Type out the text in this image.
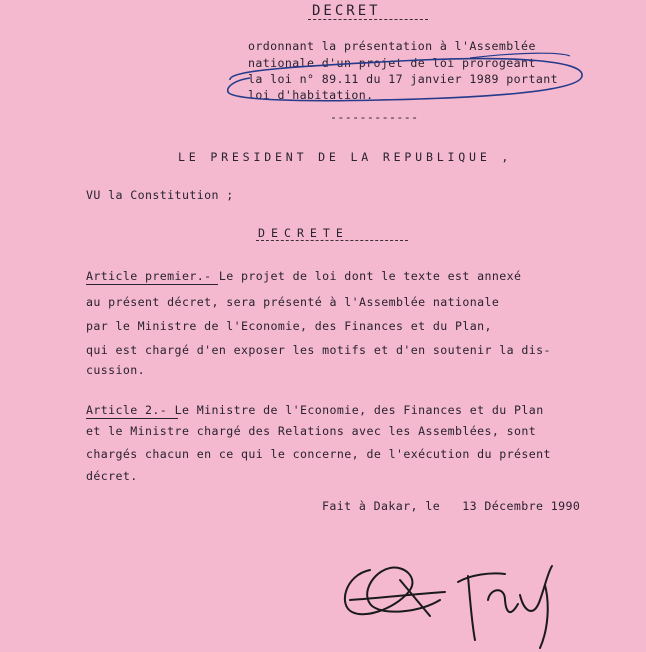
DECRET
ordonnant la présentation à l'Assemblée
nationale d'un projet de loi prorogeant
la loi n° 89.11 du 17 janvier 1989 portant
loi d'habitation.
------------
LE PRESIDENT DE LA REPUBLIQUE ,
VU la Constitution ;
DECRETE
Article premier.- Le projet de loi dont le texte est annexé
au présent décret, sera présenté à l'Assemblée nationale
par le Ministre de l'Economie, des Finances et du Plan,
qui est chargé d'en exposer les motifs et d'en soutenir la dis-
cussion.
Article 2.- Le Ministre de l'Economie, des Finances et du Plan
et le Ministre chargé des Relations avec les Assemblées, sont
chargés chacun en ce qui le concerne, de l'exécution du présent
décret.
Fait à Dakar, le   13 Décembre 1990
